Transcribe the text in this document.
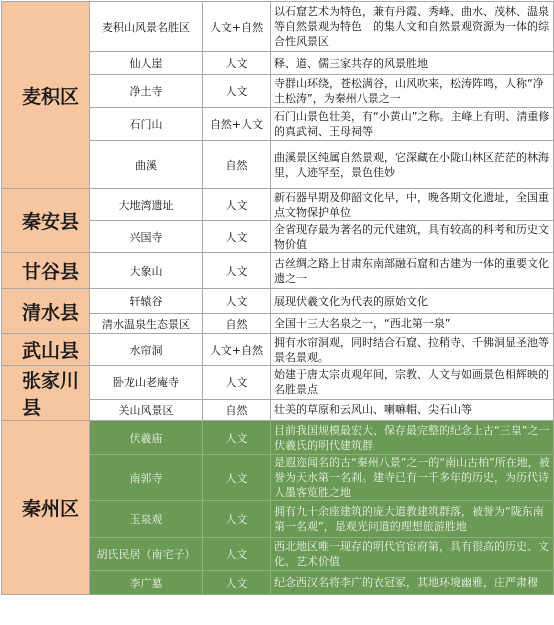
麦积区	麦积山风景名胜区	人文+自然	以石窟艺术为特色，兼有丹霞、秀峰、曲水、茂林、温泉等自然景观为特色　的集人文和自然景观资源为一体的综合性风景区
	仙人崖	人文	释、道、儒三家共存的风景胜地
	净土寺	人文	寺群山环绕，苍松满谷，山风吹来，松涛阵鸣，人称“净土松涛”，为秦州八景之一
	石门山	自然+人文	石门山景色壮美，有“小黄山”之称。主峰上有明、清重修的真武祠、王母祠等
	曲溪	自然	曲溪景区纯属自然景观，它深藏在小陇山林区茫茫的林海里，人迹罕至，景色佳妙
秦安县	大地湾遗址	人文	新石器早期及仰韶文化早，中，晚各期文化遗址，全国重点文物保护单位
	兴国寺	人文	全省现存最为著名的元代建筑，具有较高的科考和历史文物价值
甘谷县	大象山	人文	古丝绸之路上甘肃东南部融石窟和古建为一体的重要文化遗之一
清水县	轩辕谷	人文	展现伏羲文化为代表的原始文化
	清水温泉生态景区	自然	全国十三大名泉之一，“西北第一泉”
武山县	水帘洞	人文+自然	拥有水帘洞观，同时结合石窟、拉稍寺、千佛洞显圣池等景名景观。
张家川县	卧龙山老庵寺	人文	始建于唐太宗贞观年间，宗教、人文与如画景色相辉映的名胜景点
	关山风景区	自然	壮美的草原和云风山、喇嘛帽、尖石山等
秦州区	伏羲庙	人文	目前我国规模最宏大、保存最完整的纪念上古“三皇”之一伏羲氏的明代建筑群
	南郭寺	人文	是遐迩闻名的古“秦州八景”之一的“南山古柏”所在地，被誉为天水第一名刹。建寺已有一千多年的历史，为历代诗人墨客览胜之地
	玉泉观	人文	拥有九十余座建筑的庞大道教建筑群落，被誉为“陇东南第一名观”，是观光问道的理想旅游胜地
	胡氏民居（南宅子）	人文	西北地区唯一现存的明代官宦府第，具有很高的历史、文化、艺术价值
	李广墓	人文	纪念西汉名将李广的衣冠冢，其地环境幽雅，庄严肃穆
